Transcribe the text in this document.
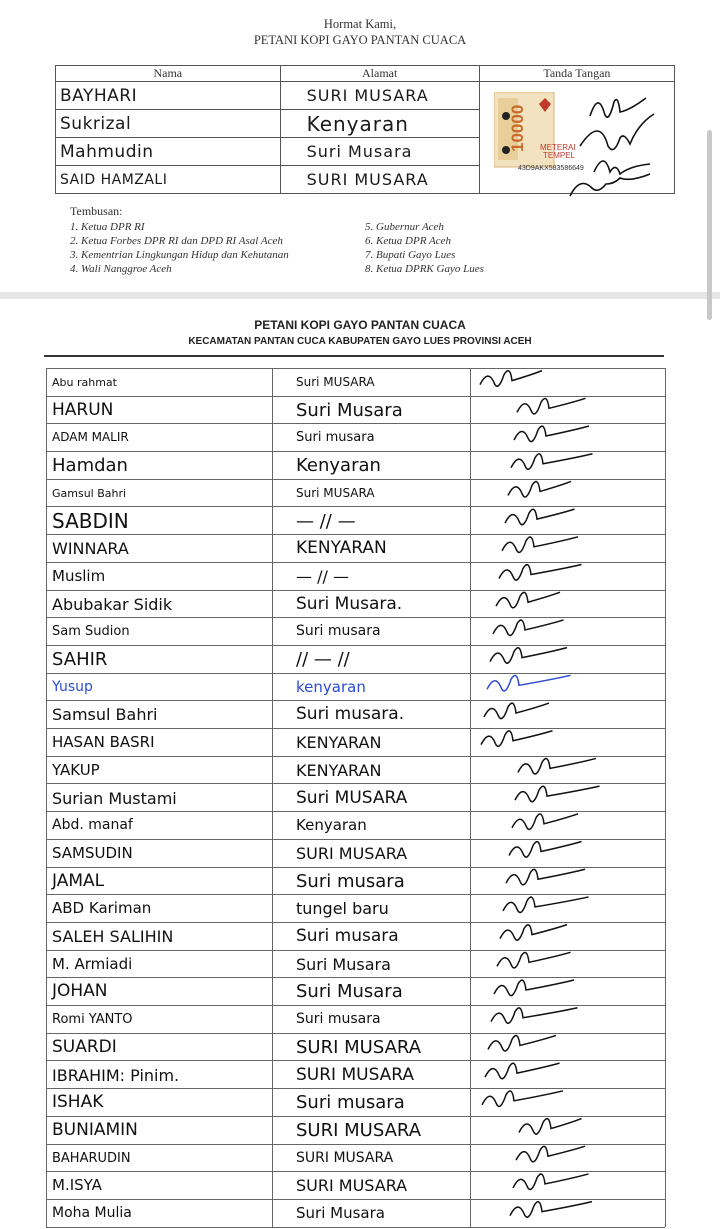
Hormat Kami,
PETANI KOPI GAYO PANTAN CUACA
Nama	Alamat	Tanda Tangan
BAYHARI	SURI MUSARA	10000 METERAI
TEMPEL
43D9AKX583586649

Sukrizal	Kenyaran	
Mahmudin	Suri Musara	
SAID HAMZALI	SURI MUSARA	
Tembusan:
1. Ketua DPR RI
2. Ketua Forbes DPR RI dan DPD RI Asal Aceh
3. Kementrian Lingkungan Hidup dan Kehutanan
4. Wali Nanggroe Aceh
5. Gubernur Aceh
6. Ketua DPR Aceh
7. Bupati Gayo Lues
8. Ketua DPRK Gayo Lues
PETANI KOPI GAYO PANTAN CUACA
KECAMATAN PANTAN CUCA KABUPATEN GAYO LUES PROVINSI ACEH
Abu rahmat	Suri MUSARA
HARUN	Suri Musara
ADAM MALIR	Suri musara
Hamdan	Kenyaran
Gamsul Bahri	Suri MUSARA
SABDIN	— // —
WINNARA	KENYARAN
Muslim	— // —
Abubakar Sidik	Suri Musara.
Sam Sudion	Suri musara
SAHIR	// — //
Yusup	kenyaran
Samsul Bahri	Suri musara.
HASAN BASRI	KENYARAN
YAKUP	KENYARAN
Surian Mustami	Suri MUSARA
Abd. manaf	Kenyaran
SAMSUDIN	SURI MUSARA
JAMAL	Suri musara
ABD Kariman	tungel baru
SALEH SALIHIN	Suri musara
M. Armiadi	Suri Musara
JOHAN	Suri Musara
Romi YANTO	Suri musara
SUARDI	SURI MUSARA
IBRAHIM: Pinim.	SURI MUSARA
ISHAK	Suri musara
BUNIAMIN	SURI MUSARA
BAHARUDIN	SURI MUSARA
M.ISYA	SURI MUSARA
Moha Mulia	Suri Musara
